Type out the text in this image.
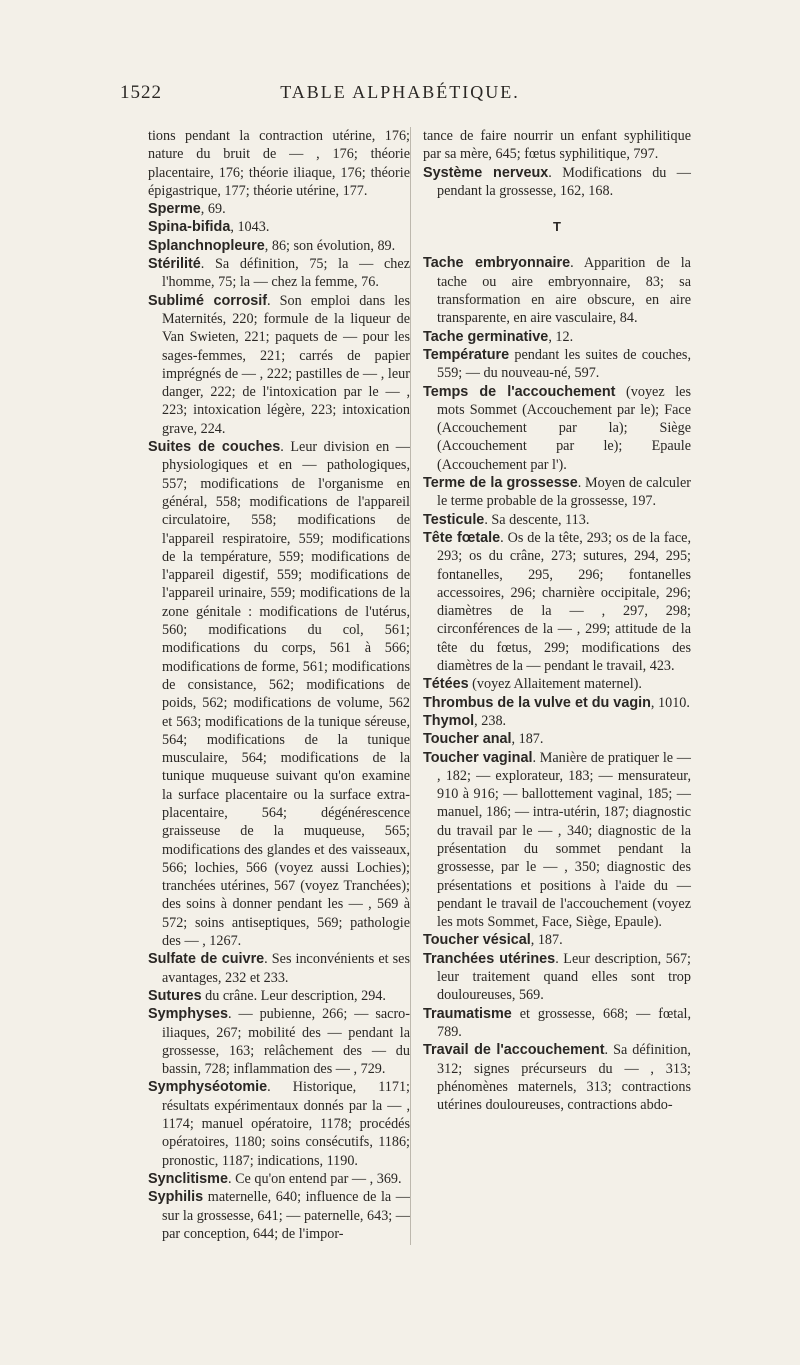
1522	TABLE ALPHABÉTIQUE.

tions pendant la contraction utérine, 176; nature du bruit de — , 176; théorie placentaire, 176; théorie iliaque, 176; théorie épigastrique, 177; théorie utérine, 177.

Sperme, 69.

Spina-bifida, 1043.

Splanchnopleure, 86; son évolution, 89.

Stérilité. Sa définition, 75; la — chez l'homme, 75; la — chez la femme, 76.

Sublimé corrosif. Son emploi dans les Maternités, 220; formule de la liqueur de Van Swieten, 221; paquets de — pour les sages-femmes, 221; carrés de papier imprégnés de — , 222; pastilles de — , leur danger, 222; de l'intoxication par le — , 223; intoxication légère, 223; intoxication grave, 224.

Suites de couches. Leur division en — physiologiques et en — pathologiques, 557; modifications de l'organisme en général, 558; modifications de l'appareil circulatoire, 558; modifications de l'appareil respiratoire, 559; modifications de la température, 559; modifications de l'appareil digestif, 559; modifications de l'appareil urinaire, 559; modifications de la zone génitale : modifications de l'utérus, 560; modifications du col, 561; modifications du corps, 561 à 566; modifications de forme, 561; modifications de consistance, 562; modifications de poids, 562; modifications de volume, 562 et 563; modifications de la tunique séreuse, 564; modifications de la tunique musculaire, 564; modifications de la tunique muqueuse suivant qu'on examine la surface placentaire ou la surface extra-placentaire, 564; dégénérescence graisseuse de la muqueuse, 565; modifications des glandes et des vaisseaux, 566; lochies, 566 (voyez aussi Lochies); tranchées utérines, 567 (voyez Tranchées); des soins à donner pendant les — , 569 à 572; soins antiseptiques, 569; pathologie des — , 1267.

Sulfate de cuivre. Ses inconvénients et ses avantages, 232 et 233.

Sutures du crâne. Leur description, 294.

Symphyses. — pubienne, 266; — sacro-iliaques, 267; mobilité des — pendant la grossesse, 163; relâchement des — du bassin, 728; inflammation des — , 729.

Symphyséotomie. Historique, 1171; résultats expérimentaux donnés par la — , 1174; manuel opératoire, 1178; procédés opératoires, 1180; soins consécutifs, 1186; pronostic, 1187; indications, 1190.

Synclitisme. Ce qu'on entend par — , 369.

Syphilis maternelle, 640; influence de la — sur la grossesse, 641; — paternelle, 643; — par conception, 644; de l'impor-

tance de faire nourrir un enfant syphilitique par sa mère, 645; fœtus syphilitique, 797.

Système nerveux. Modifications du — pendant la grossesse, 162, 168.

T

Tache embryonnaire. Apparition de la tache ou aire embryonnaire, 83; sa transformation en aire obscure, en aire transparente, en aire vasculaire, 84.

Tache germinative, 12.

Température pendant les suites de couches, 559; — du nouveau-né, 597.

Temps de l'accouchement (voyez les mots Sommet (Accouchement par le); Face (Accouchement par la); Siège (Accouchement par le); Epaule (Accouchement par l').

Terme de la grossesse. Moyen de calculer le terme probable de la grossesse, 197.

Testicule. Sa descente, 113.

Tête fœtale. Os de la tête, 293; os de la face, 293; os du crâne, 273; sutures, 294, 295; fontanelles, 295, 296; fontanelles accessoires, 296; charnière occipitale, 296; diamètres de la — , 297, 298; circonférences de la — , 299; attitude de la tête du fœtus, 299; modifications des diamètres de la — pendant le travail, 423.

Tétées (voyez Allaitement maternel).

Thrombus de la vulve et du vagin, 1010.

Thymol, 238.

Toucher anal, 187.

Toucher vaginal. Manière de pratiquer le — , 182; — explorateur, 183; — mensurateur, 910 à 916; — ballottement vaginal, 185; — manuel, 186; — intra-utérin, 187; diagnostic du travail par le — , 340; diagnostic de la présentation du sommet pendant la grossesse, par le — , 350; diagnostic des présentations et positions à l'aide du — pendant le travail de l'accouchement (voyez les mots Sommet, Face, Siège, Epaule).

Toucher vésical, 187.

Tranchées utérines. Leur description, 567; leur traitement quand elles sont trop douloureuses, 569.

Traumatisme et grossesse, 668; — fœtal, 789.

Travail de l'accouchement. Sa définition, 312; signes précurseurs du — , 313; phénomènes maternels, 313; contractions utérines douloureuses, contractions abdo-
